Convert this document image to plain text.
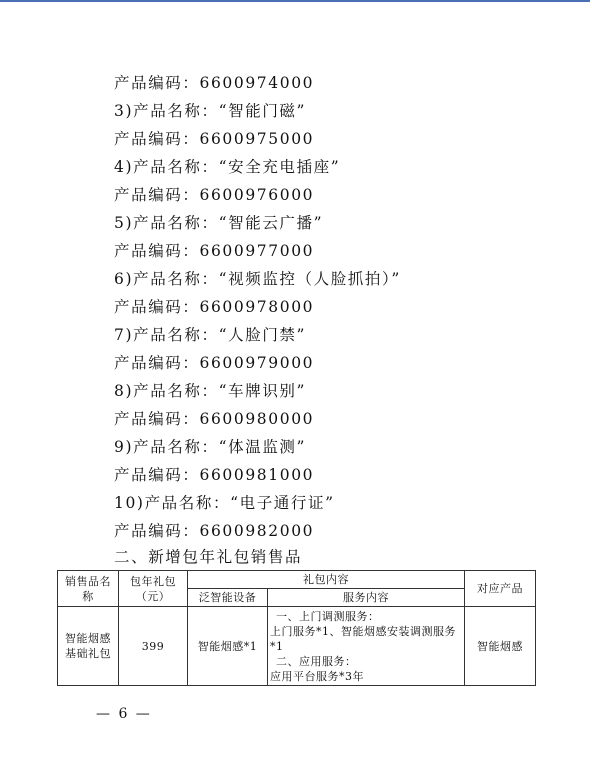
产品编码：6600974000
3)产品名称：“智能门磁”
产品编码：6600975000
4)产品名称：“安全充电插座”
产品编码：6600976000
5)产品名称：“智能云广播”
产品编码：6600977000
6)产品名称：“视频监控（人脸抓拍）”
产品编码：6600978000
7)产品名称：“人脸门禁”
产品编码：6600979000
8)产品名称：“车牌识别”
产品编码：6600980000
9)产品名称：“体温监测”
产品编码：6600981000
10)产品名称：“电子通行证”
产品编码：6600982000
二、新增包年礼包销售品
销售品名称	包年礼包（元）	礼包内容		对应产品
		泛智能设备	服务内容	
智能烟感基础礼包	399	智能烟感*1	一、上门调测服务：
上门服务*1、智能烟感安装调测服务*1
二、应用服务：
应用平台服务*3年	智能烟感
— 6 —
